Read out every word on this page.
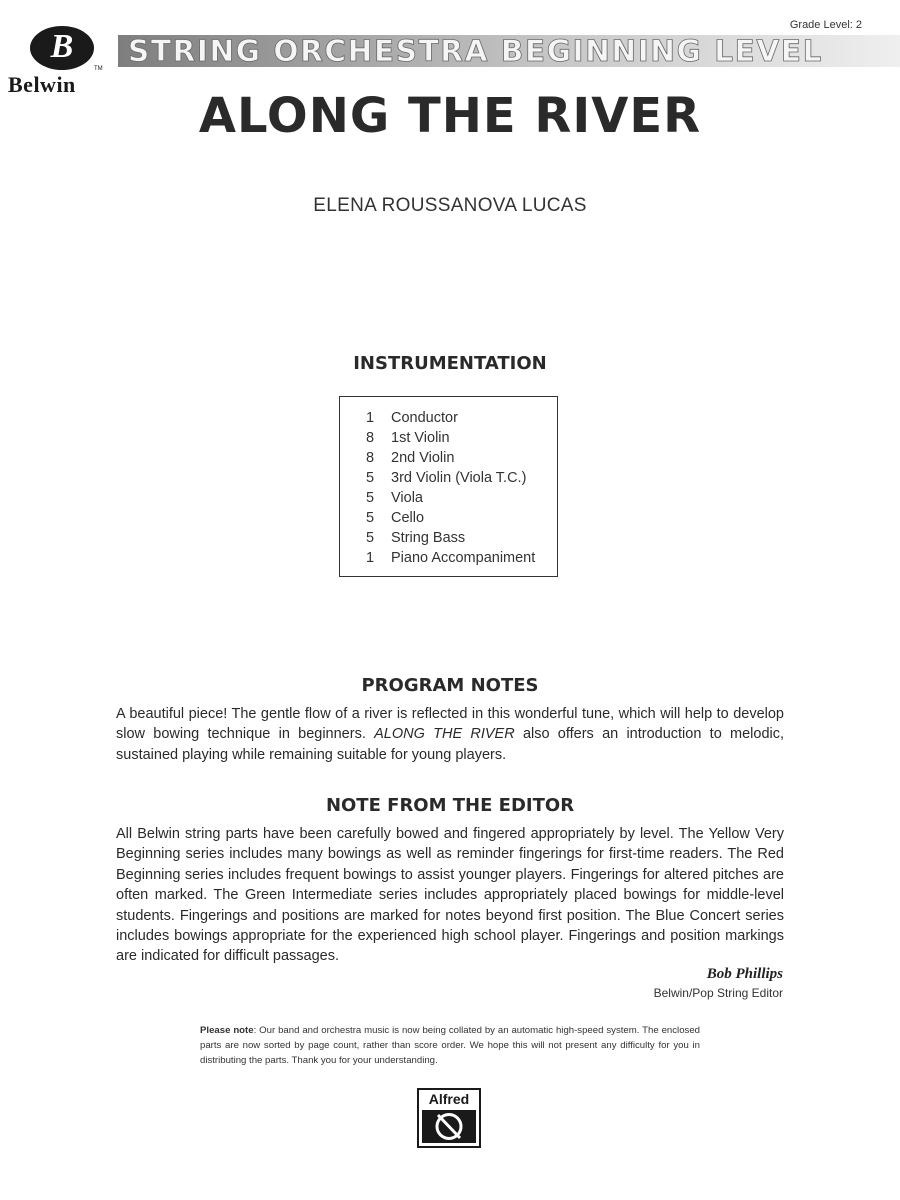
B
TM
Belwin
Grade Level: 2
STRING ORCHESTRA BEGINNING LEVEL
ALONG THE RIVER
ELENA ROUSSANOVA LUCAS
INSTRUMENTATION
1 Conductor
8 1st Violin
8 2nd Violin
5 3rd Violin (Viola T.C.)
5 Viola
5 Cello
5 String Bass
1 Piano Accompaniment
PROGRAM NOTES
A beautiful piece! The gentle flow of a river is reflected in this wonderful tune, which will help to develop slow bowing technique in beginners. ALONG THE RIVER also offers an introduction to melodic, sustained playing while remaining suitable for young players.
NOTE FROM THE EDITOR
All Belwin string parts have been carefully bowed and fingered appropriately by level. The Yellow Very Beginning series includes many bowings as well as reminder fingerings for first-time readers. The Red Beginning series includes frequent bowings to assist younger players. Fingerings for altered pitches are often marked. The Green Intermediate series includes appropriately placed bowings for middle-level students. Fingerings and positions are marked for notes beyond first position. The Blue Concert series includes bowings appropriate for the experienced high school player. Fingerings and position markings are indicated for difficult passages.
Bob Phillips
Belwin/Pop String Editor
Please note: Our band and orchestra music is now being collated by an automatic high-speed system. The enclosed parts are now sorted by page count, rather than score order. We hope this will not present any difficulty for you in distributing the parts. Thank you for your understanding.
Alfred
